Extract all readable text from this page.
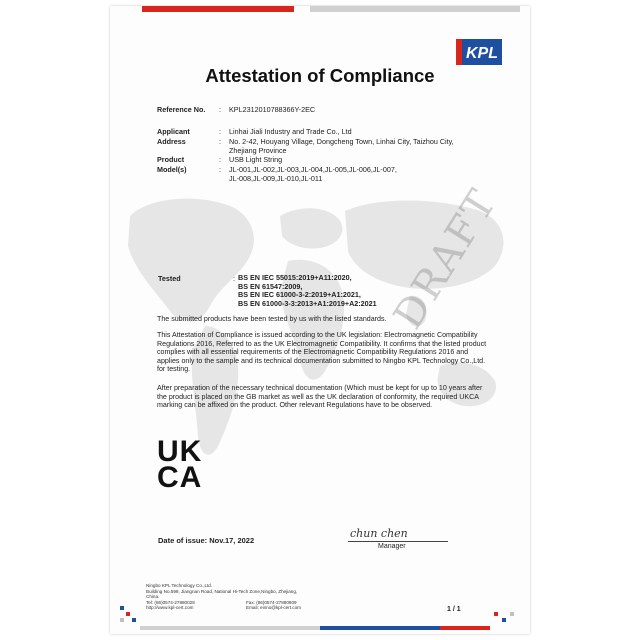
KPL
Attestation of Compliance
Reference No. : KPL2312010788366Y-2EC
Applicant	: Linhai Jiali Industry and Trade Co., Ltd
Address	: No. 2-42, Houyang Village, Dongcheng Town, Linhai City, Taizhou City,
Zhejiang Province
Product	: USB Light String
Model(s)	: JL-001,JL-002,JL-003,JL-004,JL-005,JL-006,JL-007,
JL-008,JL-009,JL-010,JL-011
DRAFT
Tested	: BS EN IEC 55015:2019+A11:2020,
BS EN 61547:2009,
BS EN IEC 61000-3-2:2019+A1:2021,
BS EN 61000-3-3:2013+A1:2019+A2:2021
The submitted products have been tested by us with the listed standards.
This Attestation of Compliance is issued according to the UK legislation: Electromagnetic Compatibility Regulations 2016, Referred to as the UK Electromagnetic Compatibility. It confirms that the listed product complies with all essential requirements of the Electromagnetic Compatibility Regulations 2016 and applies only to the sample and its technical documentation submitted to Ningbo KPL Technology Co.,Ltd. for testing.
After preparation of the necessary technical documentation (Which must be kept for up to 10 years after the product is placed on the GB market as well as the UK declaration of conformity, the required UKCA marking can be affixed on the product. Other relevant Regulations have to be observed.
UK
CA
Date of issue: Nov.17, 2022
chun chen
Manager
Ningbo KPL Technology Co.,Ltd.
Building No.599, Jiangnan Road, National Hi-Tech Zone,Ningbo, Zhejiang,
China.
Tel: (86)0574-27880028	Fax: (86)0574-27880809
http://www.kpl-cert.com	Email: einno@kpl-cert.com	1 / 1
